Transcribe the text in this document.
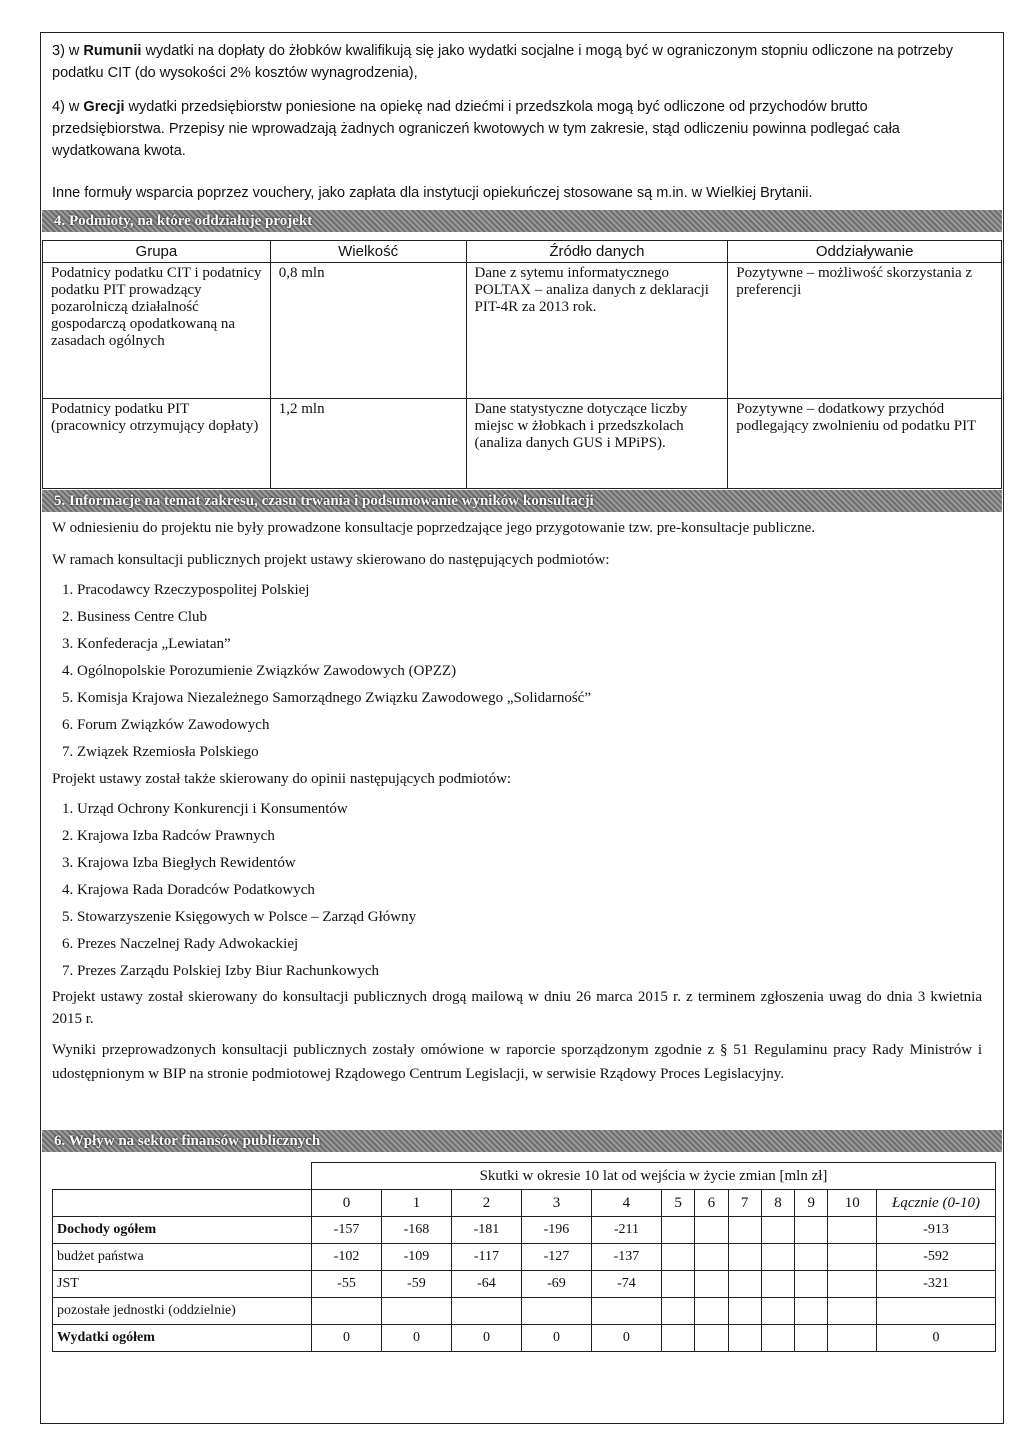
3) w Rumunii wydatki na dopłaty do żłobków kwalifikują się jako wydatki socjalne i mogą być w ograniczonym stopniu odliczone na potrzeby podatku CIT (do wysokości 2% kosztów wynagrodzenia),
4) w Grecji wydatki przedsiębiorstw poniesione na opiekę nad dziećmi i przedszkola mogą być odliczone od przychodów brutto przedsiębiorstwa. Przepisy nie wprowadzają żadnych ograniczeń kwotowych w tym zakresie, stąd odliczeniu powinna podlegać cała wydatkowana kwota.
Inne formuły wsparcia poprzez vouchery, jako zapłata dla instytucji opiekuńczej stosowane są m.in. w Wielkiej Brytanii.
4. Podmioty, na które oddziałuje projekt
Grupa	Wielkość	Źródło danych	Oddziaływanie
Podatnicy podatku CIT i podatnicy podatku PIT prowadzący pozarolniczą działalność gospodarczą opodatkowaną na zasadach ogólnych	0,8 mln	Dane z sytemu informatycznego POLTAX – analiza danych z deklaracji PIT-4R za 2013 rok.	Pozytywne – możliwość skorzystania z preferencji
Podatnicy podatku PIT (pracownicy otrzymujący dopłaty)	1,2 mln	Dane statystyczne dotyczące liczby miejsc w żłobkach i przedszkolach (analiza danych GUS i MPiPS).	Pozytywne – dodatkowy przychód podlegający zwolnieniu od podatku PIT
5. Informacje na temat zakresu, czasu trwania i podsumowanie wyników konsultacji
W odniesieniu do projektu nie były prowadzone konsultacje poprzedzające jego przygotowanie tzw. pre-konsultacje publiczne.
W ramach konsultacji publicznych projekt ustawy skierowano do następujących podmiotów:
1. Pracodawcy Rzeczypospolitej Polskiej
2. Business Centre Club
3. Konfederacja „Lewiatan”
4. Ogólnopolskie Porozumienie Związków Zawodowych (OPZZ)
5. Komisja Krajowa Niezależnego Samorządnego Związku Zawodowego „Solidarność”
6. Forum Związków Zawodowych
7. Związek Rzemiosła Polskiego
Projekt ustawy został także skierowany do opinii następujących podmiotów:
1. Urząd Ochrony Konkurencji i Konsumentów
2. Krajowa Izba Radców Prawnych
3. Krajowa Izba Biegłych Rewidentów
4. Krajowa Rada Doradców Podatkowych
5. Stowarzyszenie Księgowych w Polsce – Zarząd Główny
6. Prezes Naczelnej Rady Adwokackiej
7. Prezes Zarządu Polskiej Izby Biur Rachunkowych
Projekt ustawy został skierowany do konsultacji publicznych drogą mailową w dniu 26 marca 2015 r. z terminem zgłoszenia uwag do dnia 3 kwietnia 2015 r.
Wyniki przeprowadzonych konsultacji publicznych zostały omówione w raporcie sporządzonym zgodnie z § 51 Regulaminu pracy Rady Ministrów i udostępnionym w BIP na stronie podmiotowej Rządowego Centrum Legislacji, w serwisie Rządowy Proces Legislacyjny.
6. Wpływ na sektor finansów publicznych
	Skutki w okresie 10 lat od wejścia w życie zmian [mln zł]											
	0	1	2	3	4	5	6	7	8	9	10	Łącznie (0-10)
Dochody ogółem	-157	-168	-181	-196	-211							-913
budżet państwa	-102	-109	-117	-127	-137							-592
JST	-55	-59	-64	-69	-74							-321
pozostałe jednostki (oddzielnie)												
Wydatki ogółem	0	0	0	0	0							0
